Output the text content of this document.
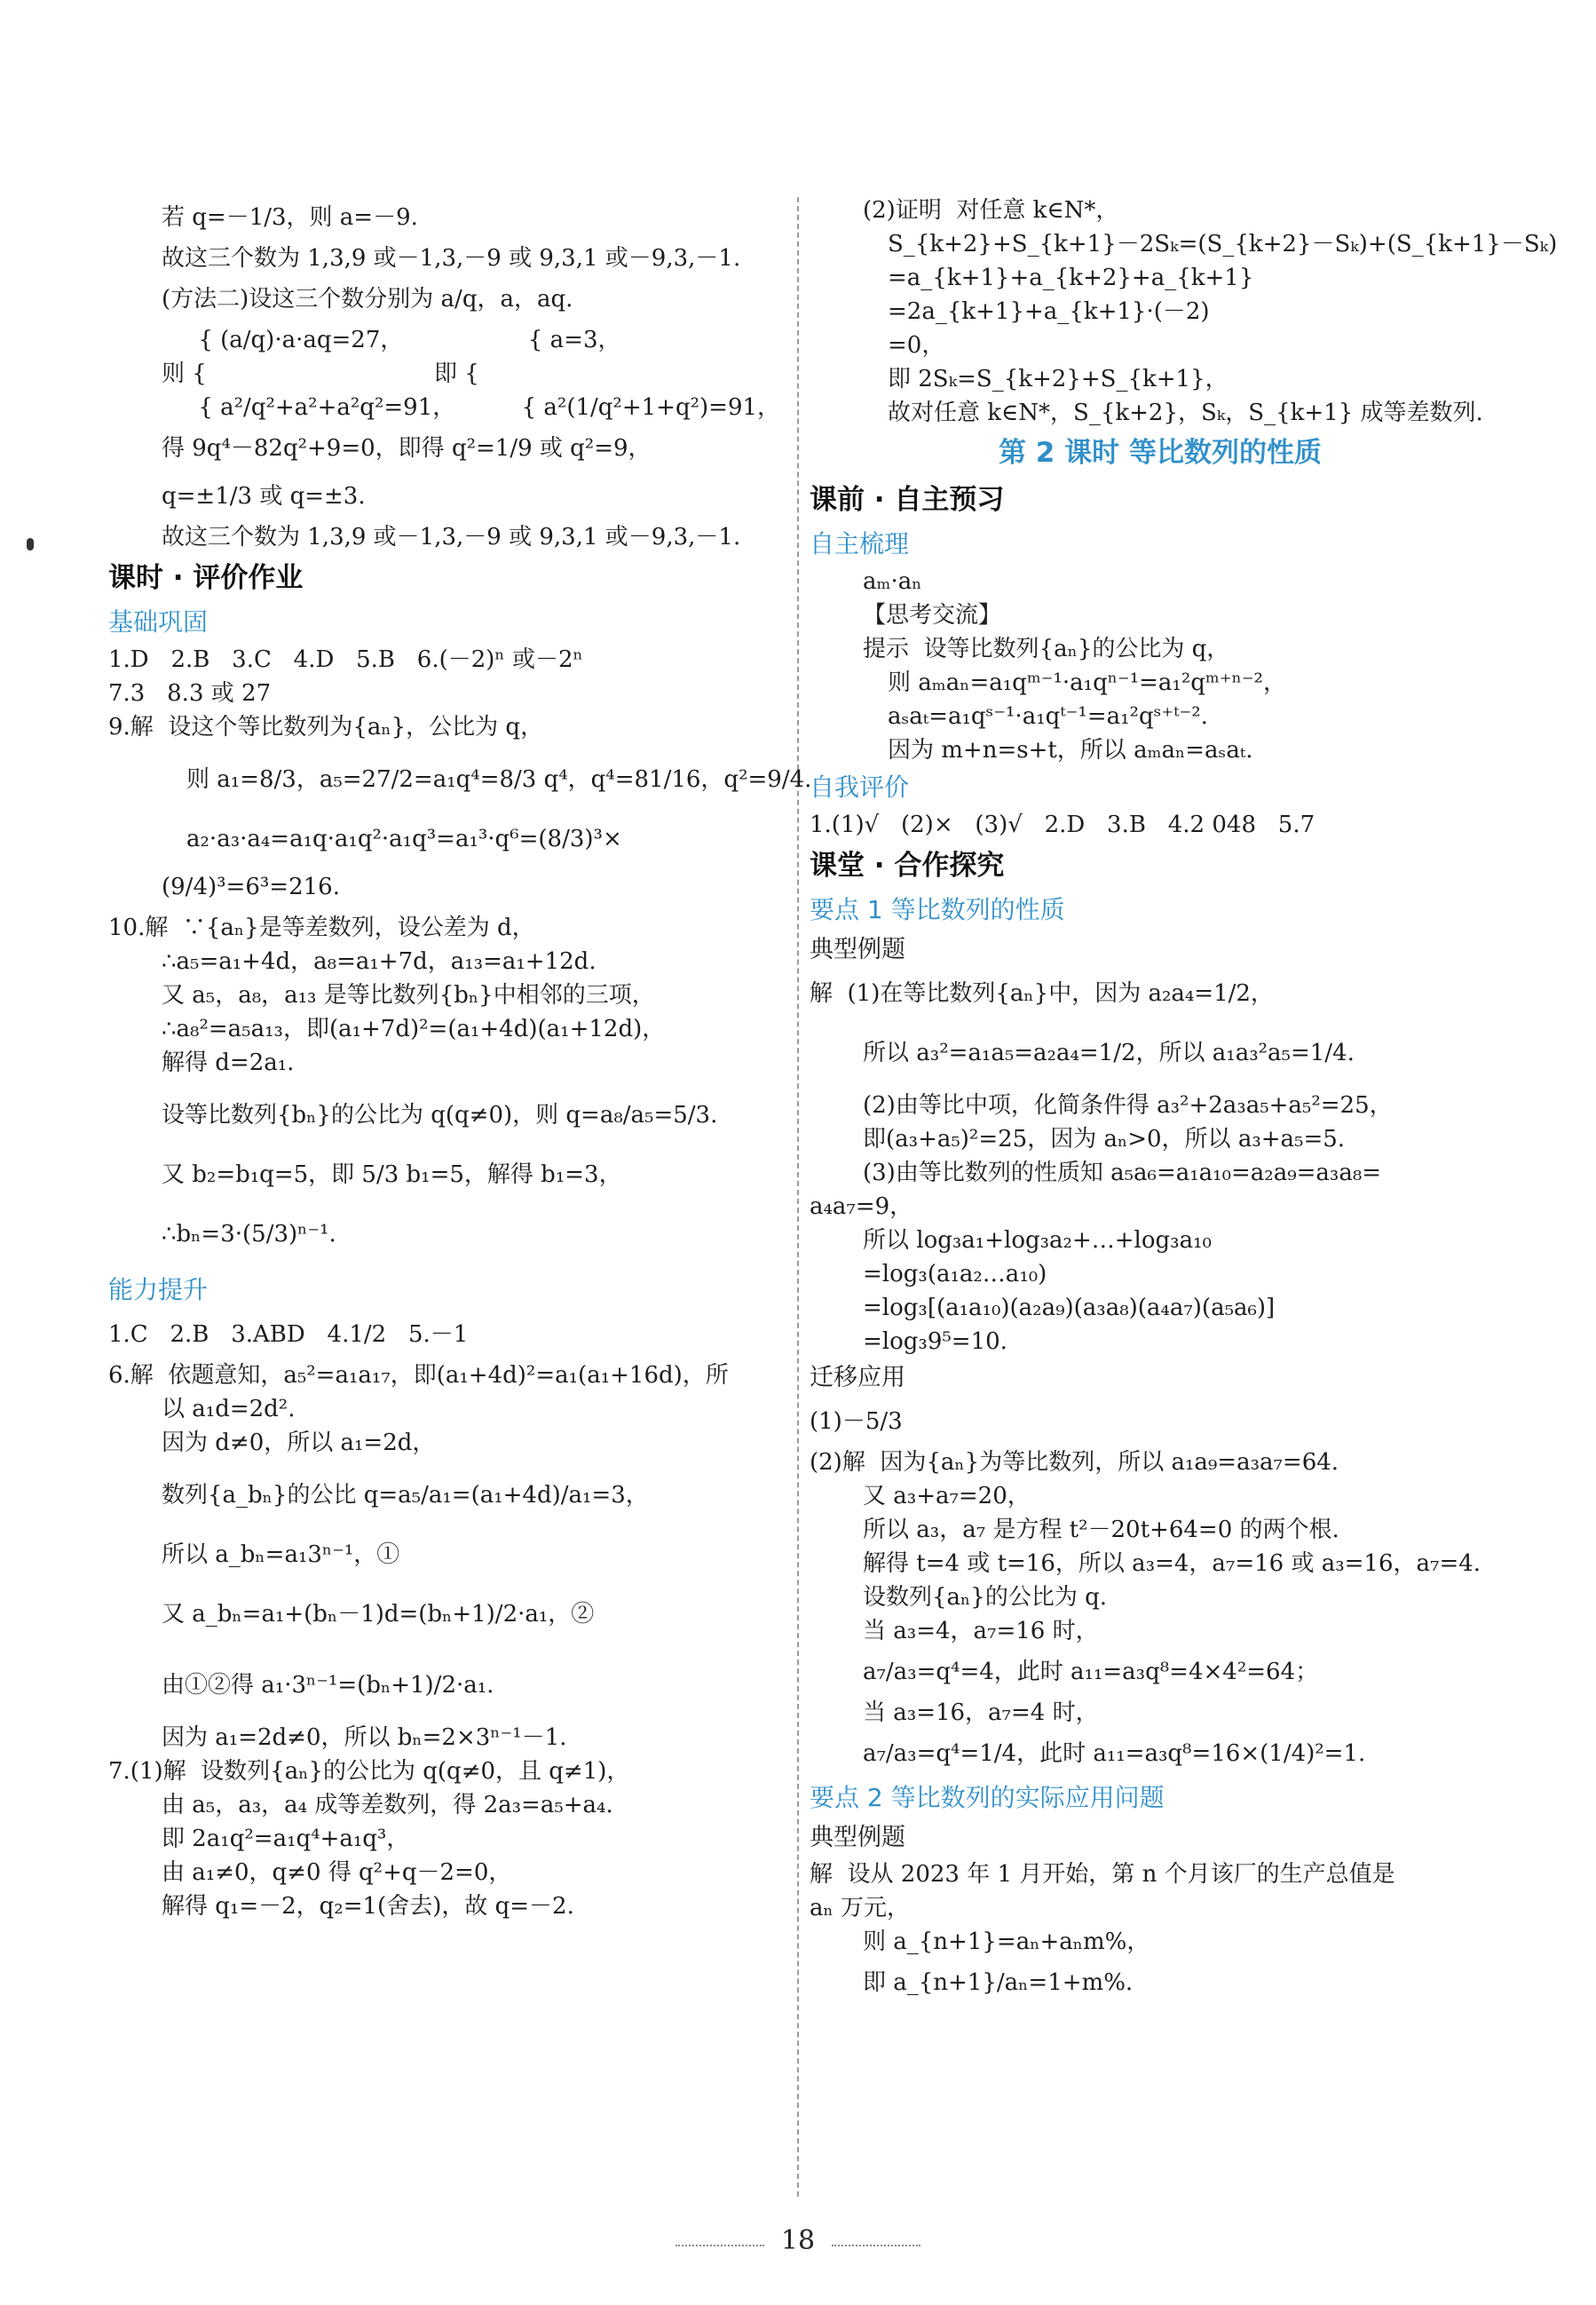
若 q=－1/3，则 a=－9.
故这三个数为 1,3,9 或－1,3,－9 或 9,3,1 或－9,3,－1.
(方法二)设这三个数分别为 a/q，a，aq.
{ (a/q)·a·aq=27，                 { a=3，
则 {                               即 {
{ a²/q²+a²+a²q²=91，         { a²(1/q²+1+q²)=91，
得 9q⁴－82q²+9=0，即得 q²=1/9 或 q²=9，
q=±1/3 或 q=±3.
故这三个数为 1,3,9 或－1,3,－9 或 9,3,1 或－9,3,－1.
课时 · 评价作业
基础巩固
1.D   2.B   3.C   4.D   5.B   6.(－2)ⁿ 或－2ⁿ
7.3   8.3 或 27
9.解  设这个等比数列为{aₙ}，公比为 q，
则 a₁=8/3，a₅=27/2=a₁q⁴=8/3 q⁴，q⁴=81/16，q²=9/4.
a₂·a₃·a₄=a₁q·a₁q²·a₁q³=a₁³·q⁶=(8/3)³×
(9/4)³=6³=216.
10.解  ∵{aₙ}是等差数列，设公差为 d，
∴a₅=a₁+4d，a₈=a₁+7d，a₁₃=a₁+12d.
又 a₅，a₈，a₁₃ 是等比数列{bₙ}中相邻的三项，
∴a₈²=a₅a₁₃，即(a₁+7d)²=(a₁+4d)(a₁+12d)，
解得 d=2a₁.
设等比数列{bₙ}的公比为 q(q≠0)，则 q=a₈/a₅=5/3.
又 b₂=b₁q=5，即 5/3 b₁=5，解得 b₁=3，
∴bₙ=3·(5/3)ⁿ⁻¹.
能力提升
1.C   2.B   3.ABD   4.1/2   5.－1
6.解  依题意知，a₅²=a₁a₁₇，即(a₁+4d)²=a₁(a₁+16d)，所
以 a₁d=2d².
因为 d≠0，所以 a₁=2d，
数列{a_bₙ}的公比 q=a₅/a₁=(a₁+4d)/a₁=3，
所以 a_bₙ=a₁3ⁿ⁻¹，①
又 a_bₙ=a₁+(bₙ－1)d=(bₙ+1)/2·a₁，②
由①②得 a₁·3ⁿ⁻¹=(bₙ+1)/2·a₁.
因为 a₁=2d≠0，所以 bₙ=2×3ⁿ⁻¹－1.
7.(1)解  设数列{aₙ}的公比为 q(q≠0，且 q≠1)，
由 a₅，a₃，a₄ 成等差数列，得 2a₃=a₅+a₄.
即 2a₁q²=a₁q⁴+a₁q³，
由 a₁≠0，q≠0 得 q²+q－2=0，
解得 q₁=－2，q₂=1(舍去)，故 q=－2.
(2)证明  对任意 k∈N*，
S_{k+2}+S_{k+1}－2Sₖ=(S_{k+2}－Sₖ)+(S_{k+1}－Sₖ)
=a_{k+1}+a_{k+2}+a_{k+1}
=2a_{k+1}+a_{k+1}·(－2)
=0，
即 2Sₖ=S_{k+2}+S_{k+1}，
故对任意 k∈N*，S_{k+2}，Sₖ，S_{k+1} 成等差数列.
第 2 课时 等比数列的性质
课前 · 自主预习
自主梳理
aₘ·aₙ
【思考交流】
提示  设等比数列{aₙ}的公比为 q，
则 aₘaₙ=a₁qᵐ⁻¹·a₁qⁿ⁻¹=a₁²qᵐ⁺ⁿ⁻²，
aₛaₜ=a₁qˢ⁻¹·a₁qᵗ⁻¹=a₁²qˢ⁺ᵗ⁻².
因为 m+n=s+t，所以 aₘaₙ=aₛaₜ.
自我评价
1.(1)√   (2)×   (3)√   2.D   3.B   4.2 048   5.7
课堂 · 合作探究
要点 1 等比数列的性质
典型例题
解  (1)在等比数列{aₙ}中，因为 a₂a₄=1/2，
所以 a₃²=a₁a₅=a₂a₄=1/2，所以 a₁a₃²a₅=1/4.
(2)由等比中项，化简条件得 a₃²+2a₃a₅+a₅²=25，
即(a₃+a₅)²=25，因为 aₙ>0，所以 a₃+a₅=5.
(3)由等比数列的性质知 a₅a₆=a₁a₁₀=a₂a₉=a₃a₈=
a₄a₇=9，
所以 log₃a₁+log₃a₂+…+log₃a₁₀
=log₃(a₁a₂…a₁₀)
=log₃[(a₁a₁₀)(a₂a₉)(a₃a₈)(a₄a₇)(a₅a₆)]
=log₃9⁵=10.
迁移应用
(1)－5/3
(2)解  因为{aₙ}为等比数列，所以 a₁a₉=a₃a₇=64.
又 a₃+a₇=20，
所以 a₃，a₇ 是方程 t²－20t+64=0 的两个根.
解得 t=4 或 t=16，所以 a₃=4，a₇=16 或 a₃=16，a₇=4.
设数列{aₙ}的公比为 q.
当 a₃=4，a₇=16 时，
a₇/a₃=q⁴=4，此时 a₁₁=a₃q⁸=4×4²=64；
当 a₃=16，a₇=4 时，
a₇/a₃=q⁴=1/4，此时 a₁₁=a₃q⁸=16×(1/4)²=1.
要点 2 等比数列的实际应用问题
典型例题
解  设从 2023 年 1 月开始，第 n 个月该厂的生产总值是
aₙ 万元，
则 a_{n+1}=aₙ+aₙm%，
即 a_{n+1}/aₙ=1+m%.
18
